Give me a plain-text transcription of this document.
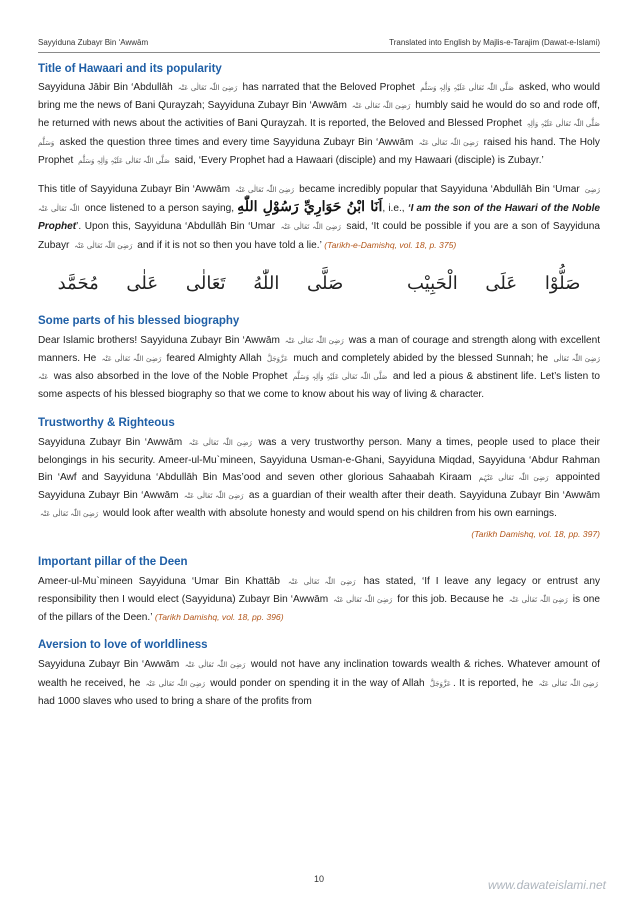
Sayyiduna Zubayr Bin ‘Awwām	Translated into English by Majlis-e-Tarajim (Dawat-e-Islami)
Title of Hawaari and its popularity

Sayyiduna Jābir Bin ‘Abdullāh رَضِیَ اللّٰہ تَعَالٰی عَنْہ has narrated that the Beloved Prophet صَلَّی اللّٰہ تَعَالٰی عَلَیْہِ وَاٰلِہٖ وَسَلَّم asked, who would bring me the news of Bani Qurayzah; Sayyiduna Zubayr Bin ‘Awwām رَضِیَ اللّٰہ تَعَالٰی عَنْہ humbly said he would do so and rode off, he returned with news about the activities of Bani Qurayzah. It is reported, the Beloved and Blessed Prophet صَلَّی اللّٰہ تَعَالٰی عَلَیْہِ وَاٰلِہٖ وَسَلَّم asked the question three times and every time Sayyiduna Zubayr Bin ‘Awwām رَضِیَ اللّٰہ تَعَالٰی عَنْہ raised his hand. The Holy Prophet صَلَّی اللّٰہ تَعَالٰی عَلَیْہِ وَاٰلِہٖ وَسَلَّم said, ‘Every Prophet had a Hawaari (disciple) and my Hawaari (disciple) is Zubayr.’

This title of Sayyiduna Zubayr Bin ‘Awwām رَضِیَ اللّٰہ تَعَالٰی عَنْہ became incredibly popular that Sayyiduna ‘Abdullāh Bin ‘Umar رَضِیَ اللّٰہ تَعَالٰی عَنْہ once listened to a person saying, اَنَا ابْنُ حَوَارِيِّ رَسُوْلِ اللّٰهِ, i.e., ‘I am the son of the Hawari of the Noble Prophet’. Upon this, Sayyiduna ‘Abdullāh Bin ‘Umar رَضِیَ اللّٰہ تَعَالٰی عَنْہ said, ‘It could be possible if you are a son of Sayyiduna Zubayr رَضِیَ اللّٰہ تَعَالٰی عَنْہ and if it is not so then you have told a lie.’ (Tarikh-e-Damishq, vol. 18, p. 375)

صَلُّوْا عَلَى الْحَبِيْب صَلَّى اللّٰهُ تَعَالٰى عَلٰى مُحَمَّد
Some parts of his blessed biography

Dear Islamic brothers! Sayyiduna Zubayr Bin ‘Awwām رَضِیَ اللّٰہ تَعَالٰی عَنْہ was a man of courage and strength along with excellent manners. He رَضِیَ اللّٰہ تَعَالٰی عَنْہ feared Almighty Allah عَزَّوَجَلَّ much and completely abided by the blessed Sunnah; he رَضِیَ اللّٰہ تَعَالٰی عَنْہ was also absorbed in the love of the Noble Prophet صَلَّی اللّٰہ تَعَالٰی عَلَیْہِ وَاٰلِہٖ وَسَلَّم and led a pious & abstinent life. Let’s listen to some aspects of his blessed biography so that we come to know about his way of living & character.

Trustworthy & Righteous

Sayyiduna Zubayr Bin ‘Awwām رَضِیَ اللّٰہ تَعَالٰی عَنْہ was a very trustworthy person. Many a times, people used to place their belongings in his security. Ameer-ul-Mu`mineen, Sayyiduna Usman-e-Ghani, Sayyiduna Miqdad, Sayyiduna ‘Abdur Rahman Bin ‘Awf and Sayyiduna ‘Abdullāh Bin Mas’ood and seven other glorious Sahaabah Kiraam رَضِیَ اللّٰہ تَعَالٰی عَنْہُم appointed Sayyiduna Zubayr Bin ‘Awwām رَضِیَ اللّٰہ تَعَالٰی عَنْہ as a guardian of their wealth after their death. Sayyiduna Zubayr Bin ‘Awwām رَضِیَ اللّٰہ تَعَالٰی عَنْہ would look after wealth with absolute honesty and would spend on his children from his own earnings.

(Tarikh Damishq, vol. 18, pp. 397)

Important pillar of the Deen

Ameer-ul-Mu`mineen Sayyiduna ‘Umar Bin Khattāb رَضِیَ اللّٰہ تَعَالٰی عَنْہ has stated, ‘If I leave any legacy or entrust any responsibility then I would elect (Sayyiduna) Zubayr Bin ‘Awwām رَضِیَ اللّٰہ تَعَالٰی عَنْہ for this job. Because he رَضِیَ اللّٰہ تَعَالٰی عَنْہ is one of the pillars of the Deen.’ (Tarikh Damishq, vol. 18, pp. 396)

Aversion to love of worldliness

Sayyiduna Zubayr Bin ‘Awwām رَضِیَ اللّٰہ تَعَالٰی عَنْہ would not have any inclination towards wealth & riches. Whatever amount of wealth he received, he رَضِیَ اللّٰہ تَعَالٰی عَنْہ would ponder on spending it in the way of Allah عَزَّوَجَلَّ . It is reported, he رَضِیَ اللّٰہ تَعَالٰی عَنْہ had 1000 slaves who used to bring a share of the profits from

10	www.dawateislami.net
